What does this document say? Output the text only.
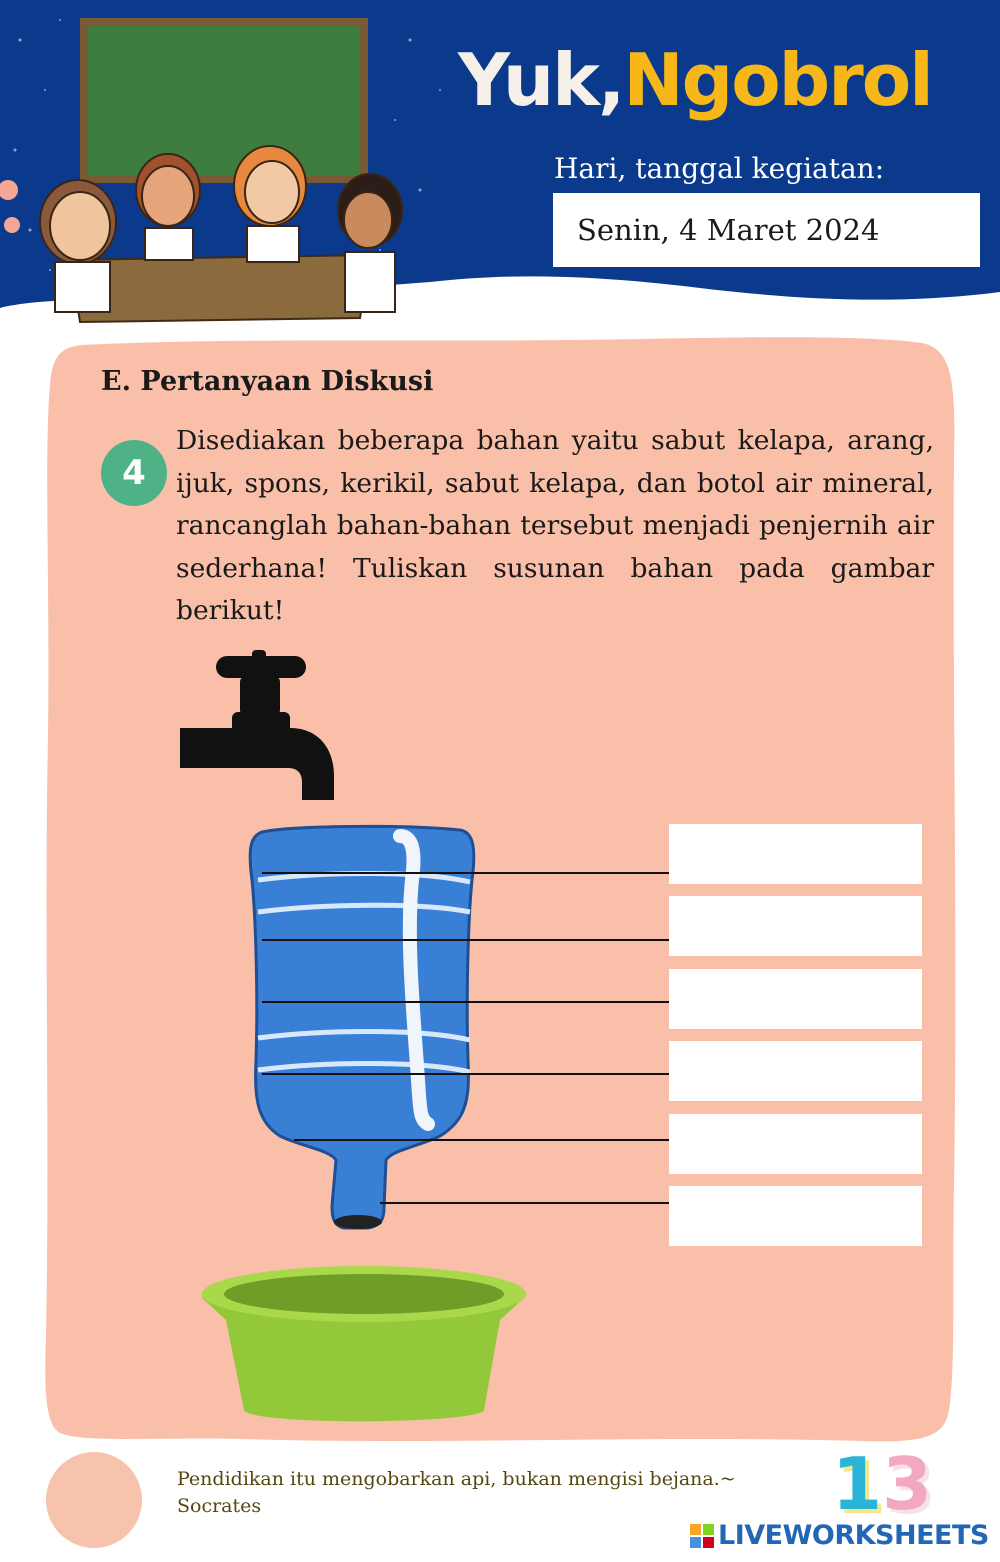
Yuk,Ngobrol
Hari, tanggal kegiatan:
Senin, 4 Maret 2024
E. Pertanyaan Diskusi
4
Disediakan beberapa bahan yaitu sabut kelapa, arang, ijuk, spons, kerikil, sabut kelapa, dan botol air mineral, rancanglah bahan-bahan tersebut menjadi penjernih air sederhana! Tuliskan susunan bahan pada gambar berikut!
Pendidikan itu mengobarkan api, bukan mengisi bejana.~
Socrates	13
LIVEWORKSHEETS
